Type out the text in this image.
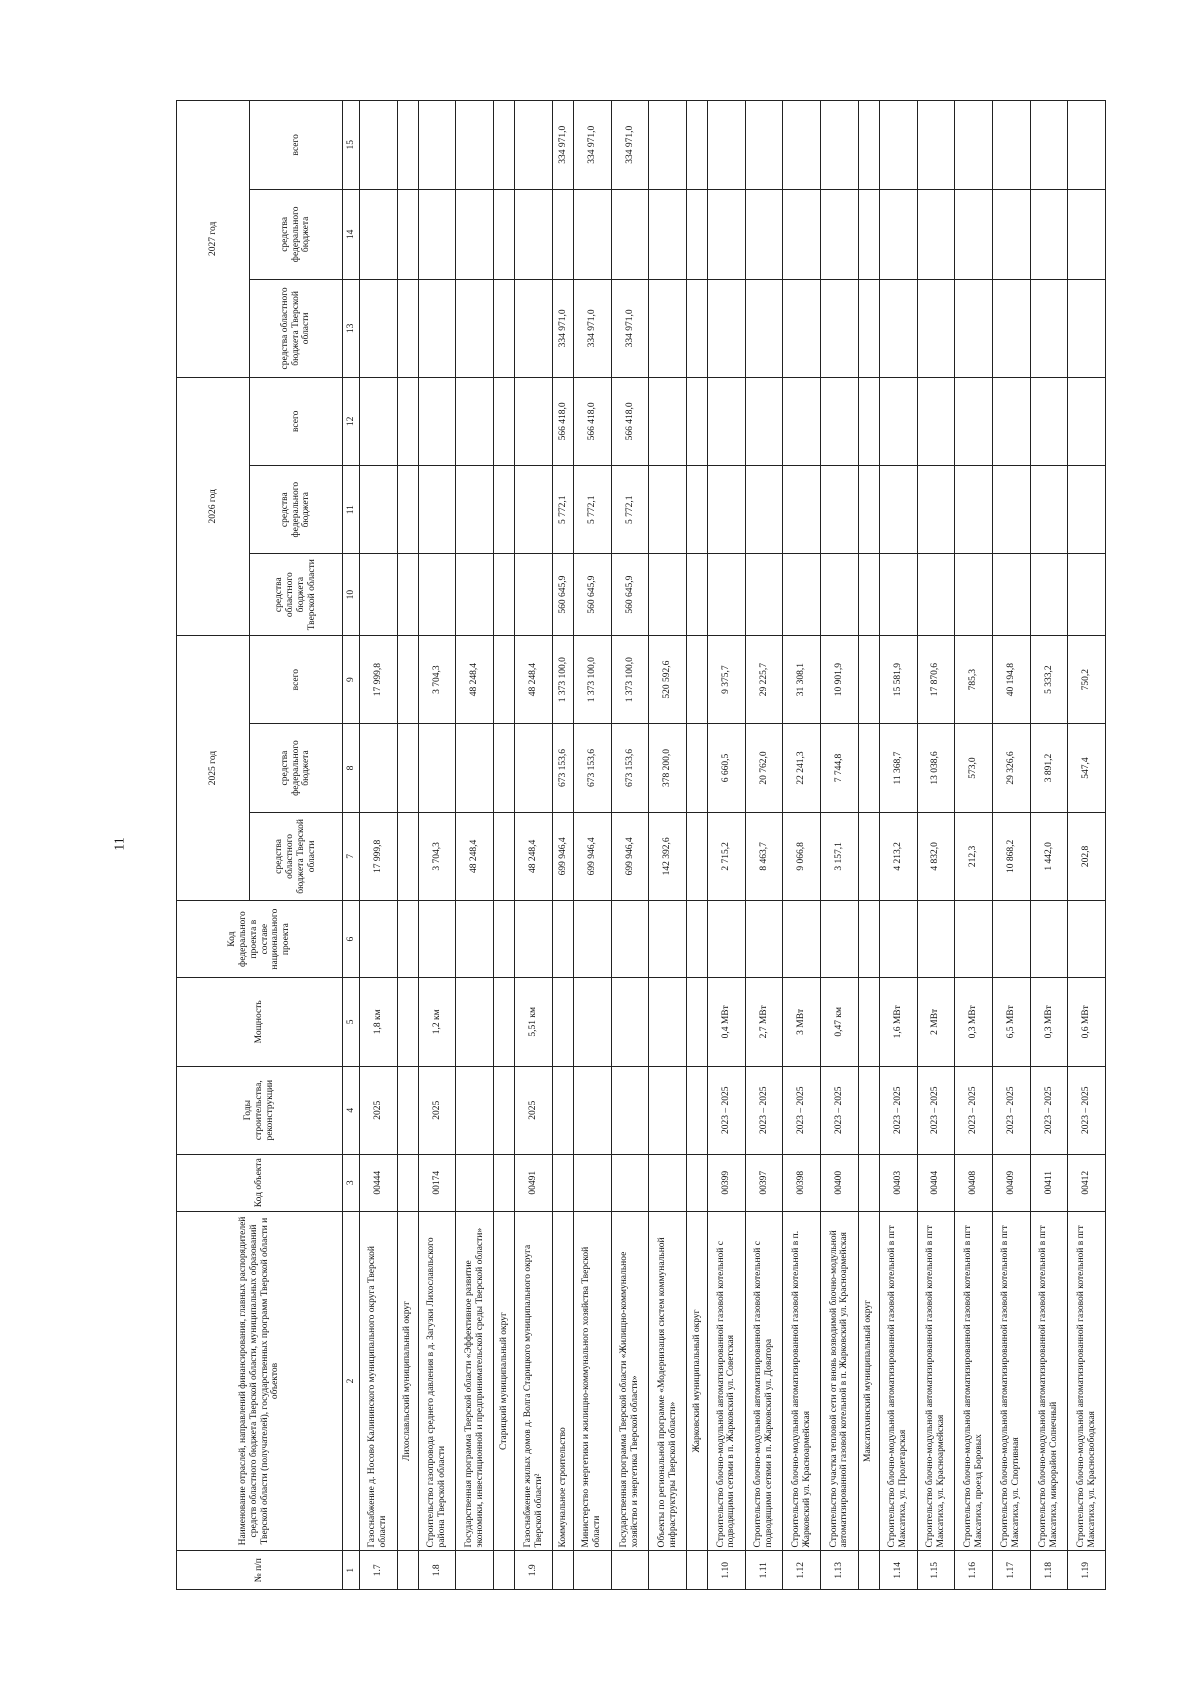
11
№ п/п	Наименование отраслей, направлений финансирования, главных распорядителей средств областного бюджета Тверской области, муниципальных образований Тверской области (получателей), государственных программ Тверской области и объектов	Код объекта	Годы строительства, реконструкции	Мощность	Код федерального проекта в составе национального проекта	2025 год			2026 год			2027 год		
						средства областного бюджета Тверской области	средства федерального бюджета	всего	средства областного бюджета Тверской области	средства федерального бюджета	всего	средства областного бюджета Тверской области	средства федерального бюджета	всего
1	2	3	4	5	6	7	8	9	10	11	12	13	14	15
1.7	Газоснабжение д. Носово Калининского муниципального округа Тверской области	00444	2025	1,8 км		17 999,8		17 999,8						
	Лихославльский муниципальный округ													
1.8	Строительство газопровода среднего давления в д. Загузки Лихославльского района Тверской области	00174	2025	1,2 км		3 704,3		3 704,3						
	Государственная программа Тверской области «Эффективное развитие экономики, инвестиционной и предпринимательской среды Тверской области»					48 248,4		48 248,4						
	Старицкий муниципальный округ													
1.9	Газоснабжение жилых домов д. Волга Старицкого муниципального округа Тверской области²	00491	2025	5,51 км		48 248,4		48 248,4						
	Коммунальное строительство					699 946,4	673 153,6	1 373 100,0	560 645,9	5 772,1	566 418,0	334 971,0		334 971,0
	Министерство энергетики и жилищно-коммунального хозяйства Тверской области					699 946,4	673 153,6	1 373 100,0	560 645,9	5 772,1	566 418,0	334 971,0		334 971,0
	Государственная программа Тверской области «Жилищно-коммунальное хозяйство и энергетика Тверской области»					699 946,4	673 153,6	1 373 100,0	560 645,9	5 772,1	566 418,0	334 971,0		334 971,0
	Объекты по региональной программе «Модернизация систем коммунальной инфраструктуры Тверской области»					142 392,6	378 200,0	520 592,6						
	Жарковский муниципальный округ													
1.10	Строительство блочно-модульной автоматизированной газовой котельной с подводящими сетями в п. Жарковский ул. Советская	00399	2023 – 2025	0,4 МВт		2 715,2	6 660,5	9 375,7						
1.11	Строительство блочно-модульной автоматизированной газовой котельной с подводящими сетями в п. Жарковский ул. Доватора	00397	2023 – 2025	2,7 МВт		8 463,7	20 762,0	29 225,7						
1.12	Строительство блочно-модульной автоматизированной газовой котельной в п. Жарковский ул. Красноармейская	00398	2023 – 2025	3 МВт		9 066,8	22 241,3	31 308,1						
1.13	Строительство участка тепловой сети от вновь возводимой блочно-модульной автоматизированной газовой котельной в п. Жарковский ул. Красноармейская	00400	2023 – 2025	0,47 км		3 157,1	7 744,8	10 901,9						
	Максатихинский муниципальный округ													
1.14	Строительство блочно-модульной автоматизированной газовой котельной в пгт Максатиха, ул. Пролетарская	00403	2023 – 2025	1,6 МВт		4 213,2	11 368,7	15 581,9						
1.15	Строительство блочно-модульной автоматизированной газовой котельной в пгт Максатиха, ул. Красноармейская	00404	2023 – 2025	2 МВт		4 832,0	13 038,6	17 870,6						
1.16	Строительство блочно-модульной автоматизированной газовой котельной в пгт Максатиха, проезд Боровых	00408	2023 – 2025	0,3 МВт		212,3	573,0	785,3						
1.17	Строительство блочно-модульной автоматизированной газовой котельной в пгт Максатиха, ул. Спортивная	00409	2023 – 2025	6,5 МВт		10 868,2	29 326,6	40 194,8						
1.18	Строительство блочно-модульной автоматизированной газовой котельной в пгт Максатиха, микрорайон Солнечный	00411	2023 – 2025	0,3 МВт		1 442,0	3 891,2	5 333,2						
1.19	Строительство блочно-модульной автоматизированной газовой котельной в пгт Максатиха, ул. Красносвободская	00412	2023 – 2025	0,6 МВт		202,8	547,4	750,2						
